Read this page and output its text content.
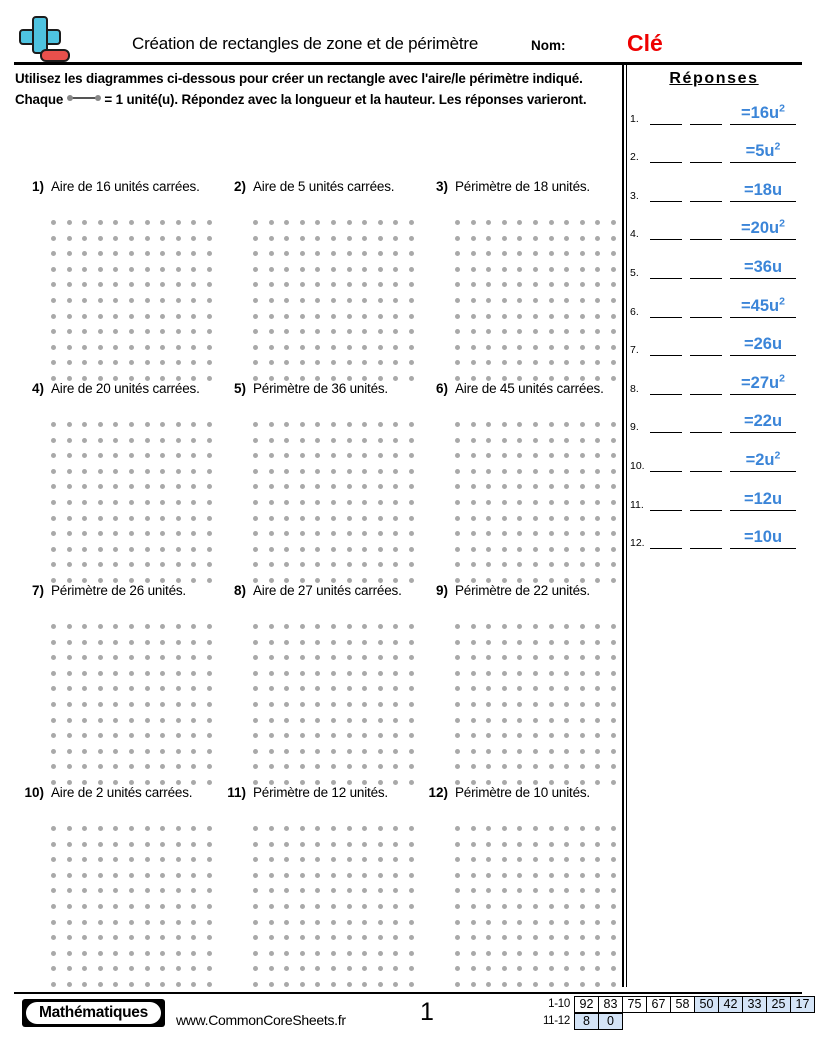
Création de rectangles de zone et de périmètre	Nom:	Clé
Utilisez les diagrammes ci-dessous pour créer un rectangle avec l'aire/le périmètre indiqué. Chaque	= 1 unité(u). Répondez avec la longueur et la hauteur. Les réponses varieront.
Réponses
1.	$=16u^2$
2.	$=5u^2$
3.	=18u
4.	$=20u^2$
5.	=36u
6.	$=45u^2$
7.	=26u
8.	$=27u^2$
9.	=22u
10.	$=2u^2$
11.	=12u
12.	=10u
1) Aire de 16 unités carrées.	2) Aire de 5 unités carrées.	3) Périmètre de 18 unités.
4) Aire de 20 unités carrées.	5) Périmètre de 36 unités.	6) Aire de 45 unités carrées.
7) Périmètre de 26 unités.	8) Aire de 27 unités carrées.	9) Périmètre de 22 unités.
10) Aire de 2 unités carrées.	11) Périmètre de 12 unités.	12) Périmètre de 10 unités.
Mathématiques	www.CommonCoreSheets.fr	1	1-10 92 83 75 67 58 50 42 33 25 17
11-12	8	0
